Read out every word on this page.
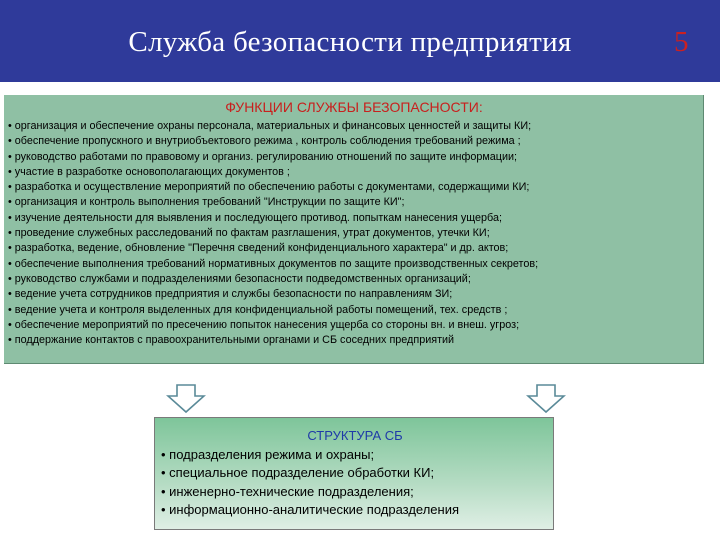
Служба безопасности предприятия	5
ФУНКЦИИ СЛУЖБЫ БЕЗОПАСНОСТИ:
• организация и обеспечение охраны персонала, материальных и финансовых ценностей и защиты КИ;
• обеспечение пропускного и внутриобъектового режима , контроль соблюдения требований режима ;
• руководство работами по правовому и организ. регулированию отношений по защите информации;
• участие в разработке основополагающих документов ;
• разработка и осуществление мероприятий по обеспечению работы с документами, содержащими КИ;
• организация и контроль выполнения требований "Инструкции по защите КИ";
• изучение деятельности для выявления и последующего противод. попыткам нанесения ущерба;
• проведение служебных расследований по фактам разглашения, утрат документов, утечки КИ;
• разработка, ведение, обновление "Перечня сведений конфиденциального характера" и др. актов;
• обеспечение выполнения требований нормативных документов по защите производственных секретов;
• руководство службами и подразделениями безопасности подведомственных организаций;
• ведение учета сотрудников предприятия и службы безопасности по направлениям ЗИ;
• ведение учета и контроля выделенных для конфиденциальной работы помещений, тех. средств ;
• обеспечение мероприятий по пресечению попыток нанесения ущерба со стороны вн. и внеш. угроз;
• поддержание контактов с правоохранительными органами и СБ соседних предприятий
СТРУКТУРА СБ
• подразделения режима и охраны;
• специальное подразделение обработки КИ;
• инженерно-технические подразделения;
• информационно-аналитические подразделения
